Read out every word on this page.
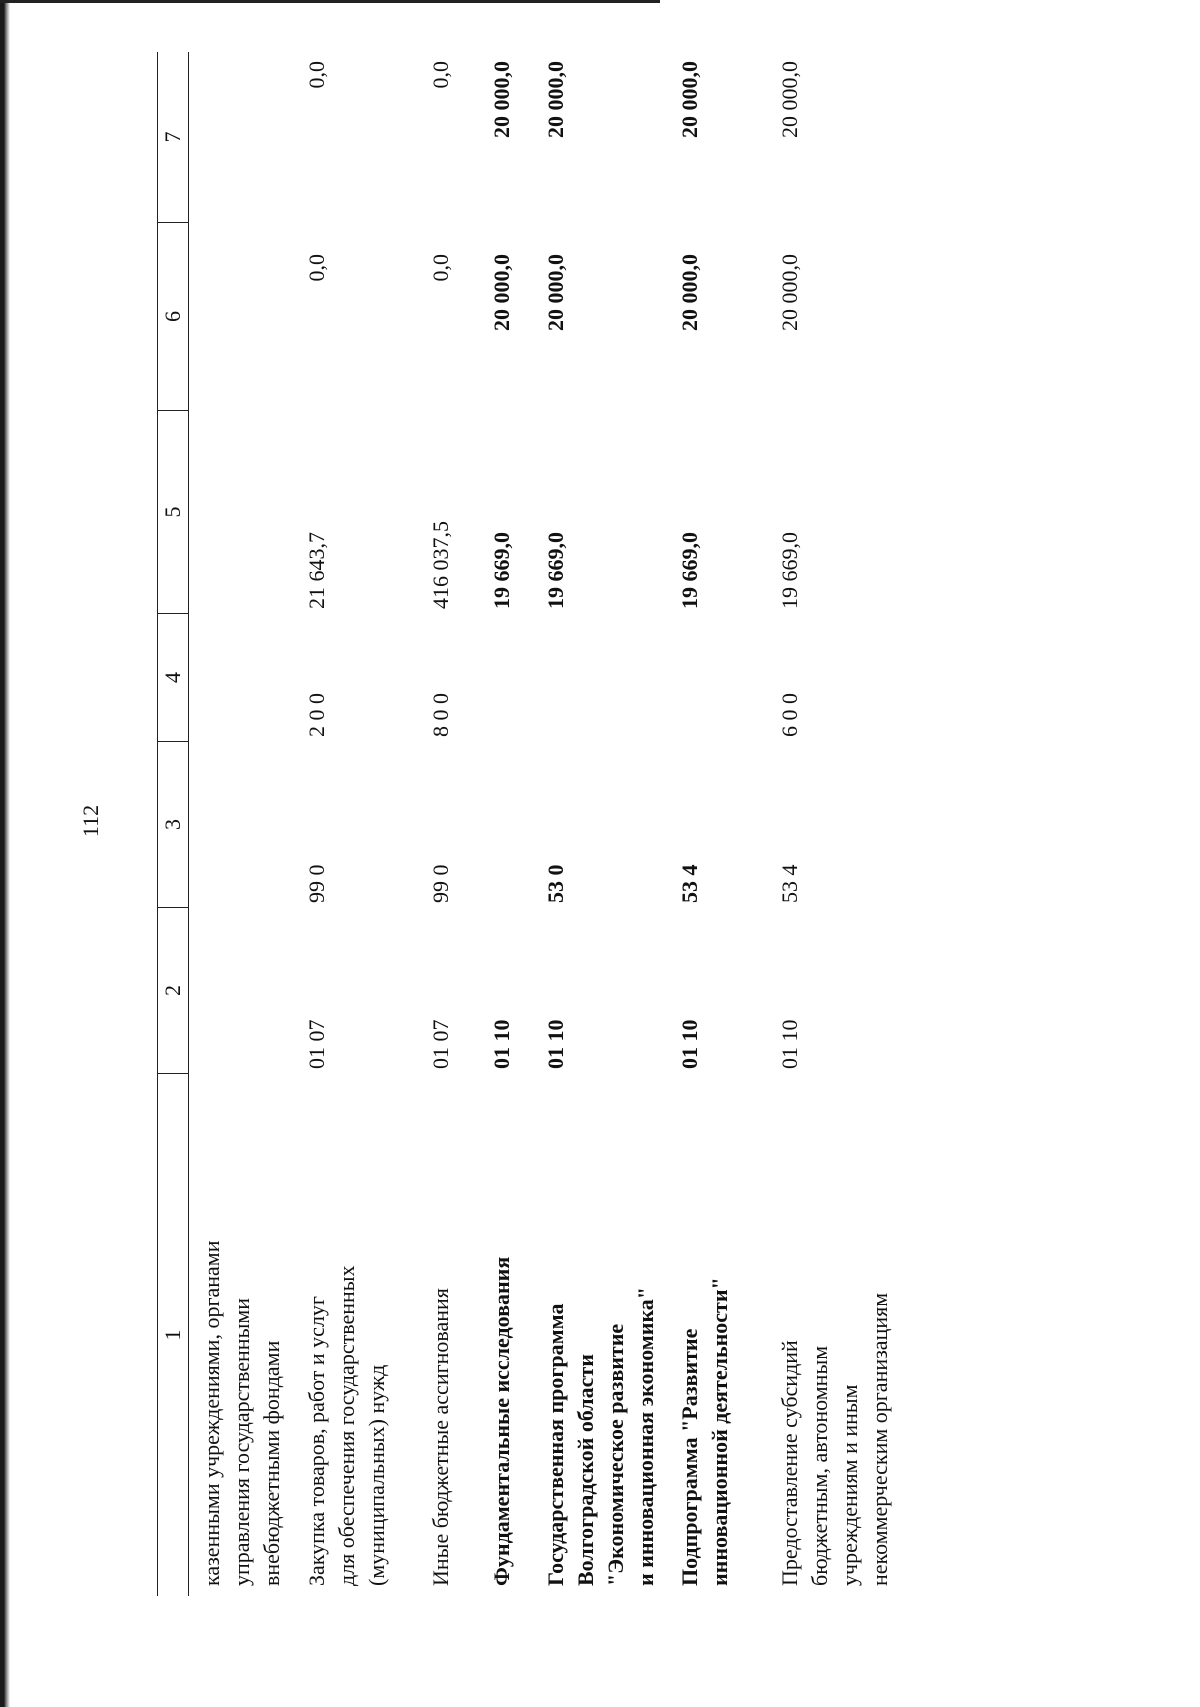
112
1
2
3
4
5
6
7
казенными учреждениями, органами управления государственными внебюджетными фондами Закупка товаров, работ и услуг для обеспечения государственных (муниципальных) нужд
01 07
99 0
2 0 0
21 643,7
0,0
0,0
Иные бюджетные ассигнования
01 07
99 0
8 0 0
416 037,5
0,0
0,0
Фундаментальные исследования
01 10
19 669,0
20 000,0
20 000,0
Государственная программа Волгоградской области "Экономическое развитие и инновационная экономика"
01 10
53 0
19 669,0
20 000,0
20 000,0
Подпрограмма "Развитие инновационной деятельности"
01 10
53 4
19 669,0
20 000,0
20 000,0
Предоставление субсидий бюджетным, автономным учреждениям и иным некоммерческим организациям
01 10
53 4
6 0 0
19 669,0
20 000,0
20 000,0
